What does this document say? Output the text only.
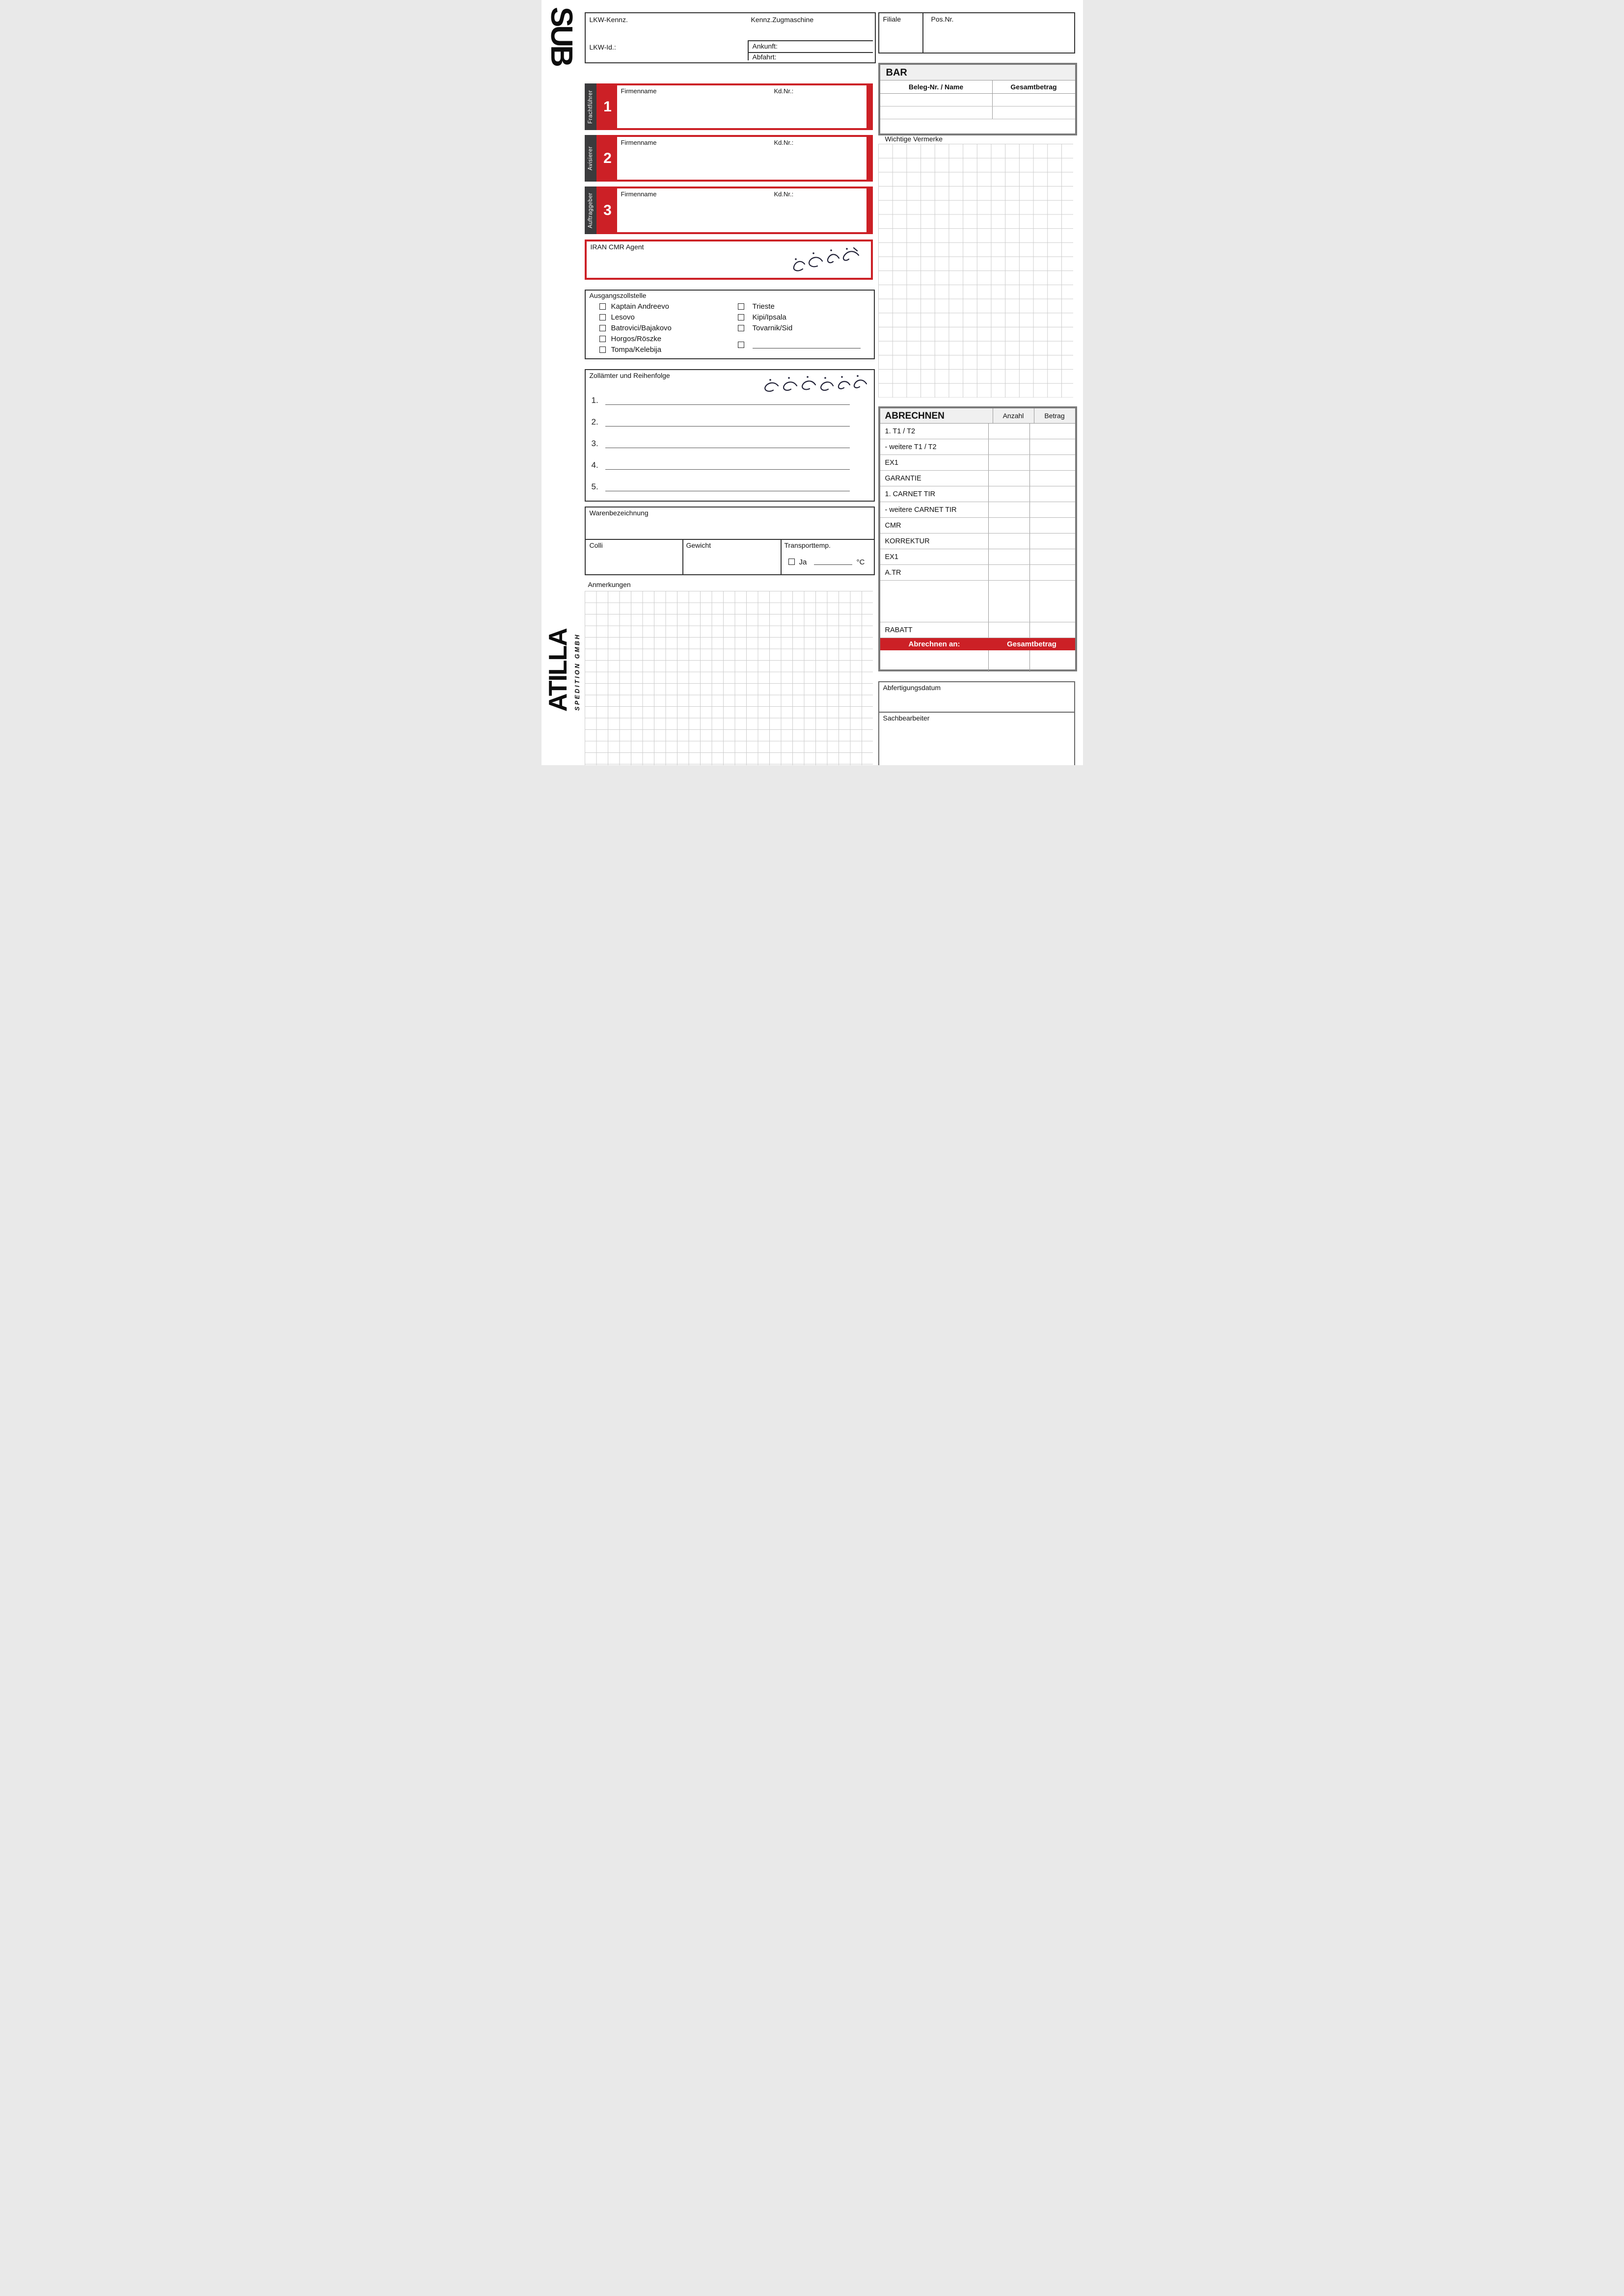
SUB
ATILLA SPEDITION GMBH
LKW-Kennz.	Kennz.Zugmaschine
LKW-Id.:	Ankunft:
Abfahrt:
Filiale	Pos.Nr.
BAR
Beleg-Nr. / Name	Gesamtbetrag
Frachtführer 1
Firmenname	Kd.Nr.:
Avisierer 2
Firmenname	Kd.Nr.:
Auftraggeber 3
Firmenname	Kd.Nr.:
IRAN CMR Agent
Ausgangszollstelle
Kaptain Andreevo
Lesovo
Batrovici/Bajakovo
Horgos/Röszke
Tompa/Kelebija
Trieste
Kipi/Ipsala
Tovarnik/Sid
Zollämter und Reihenfolge
1.
2.
3.
4.
5.
Warenbezeichnung
Colli	Gewicht	Transporttemp.
Ja	°C
Anmerkungen
Wichtige Vermerke
ABRECHNEN	Anzahl	Betrag
1. T1 / T2
- weitere T1 / T2
EX1
GARANTIE
1. CARNET TIR
- weitere CARNET TIR
CMR
KORREKTUR
EX1
A.TR
RABATT
Abrechnen an:	Gesamtbetrag
Abfertigungsdatum
Sachbearbeiter
